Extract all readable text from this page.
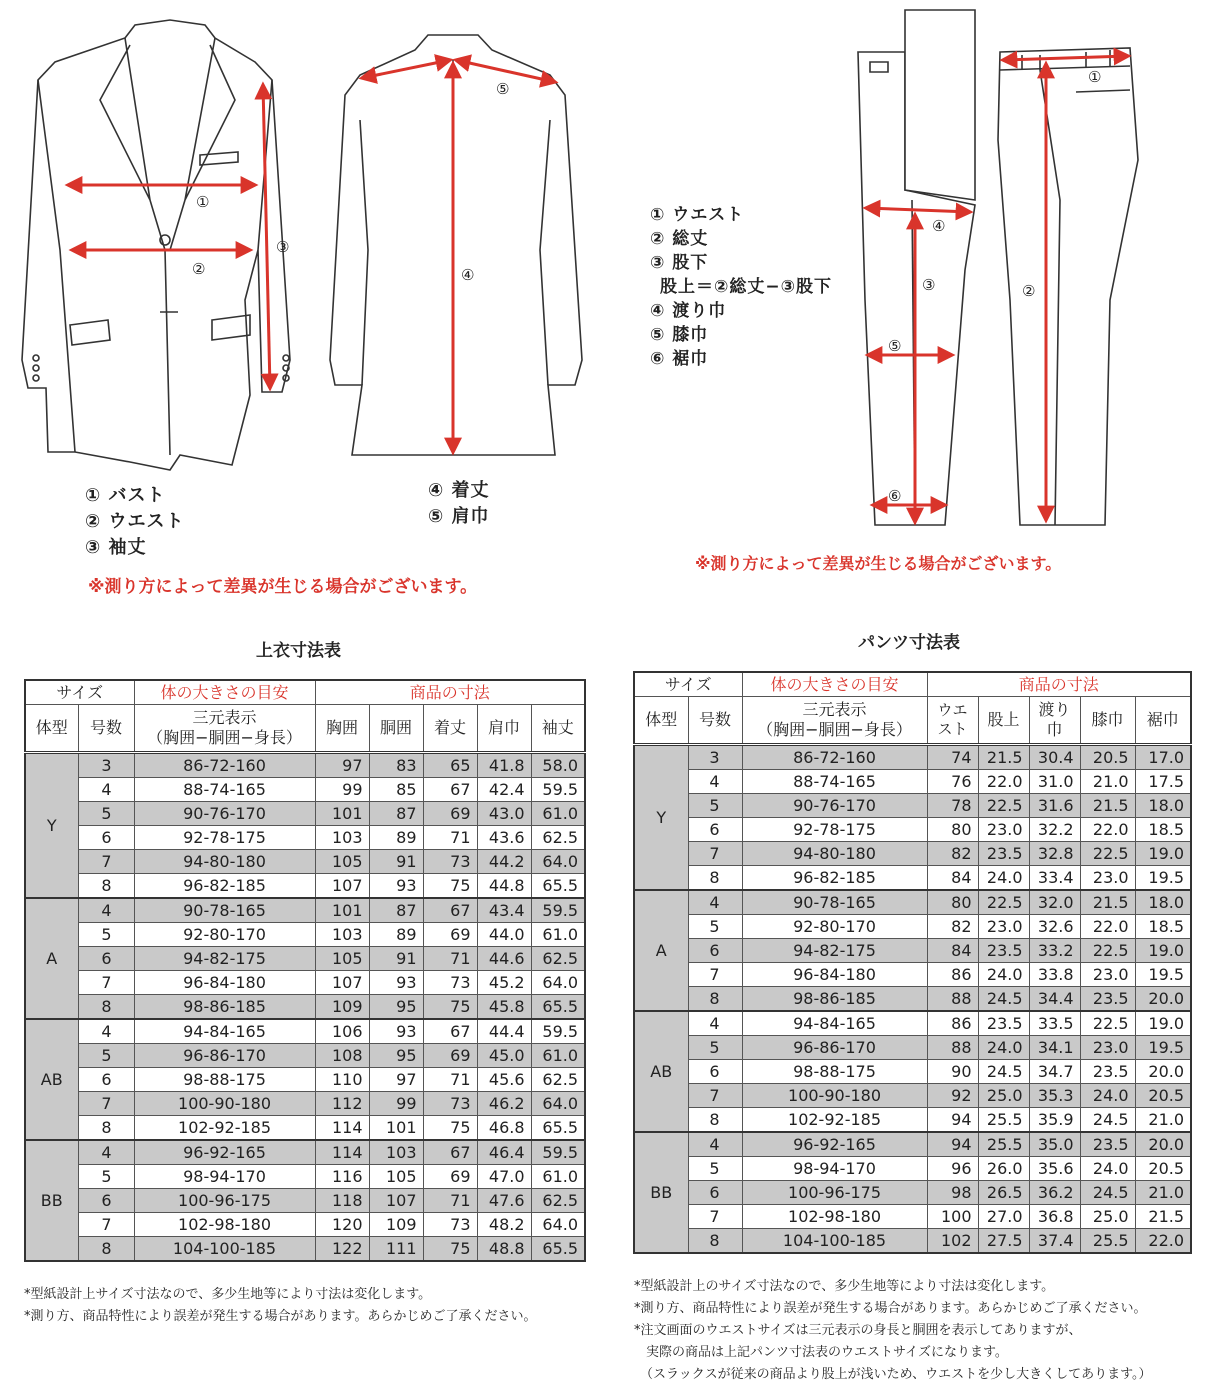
①
②
③
④
⑤
④
③
⑤
⑥
①
②
① バスト
② ウエスト
③ 袖丈
④ 着丈
⑤ 肩巾
※測り方によって差異が生じる場合がございます。
① ウエスト
② 総丈
③ 股下
股上＝②総丈−③股下
④ 渡り巾
⑤ 膝巾
⑥ 裾巾
※測り方によって差異が生じる場合がございます。
上衣寸法表	パンツ寸法表
サイズ		体の大きさの目安	商品の寸法				
体型	号数	三元表示
（胸囲−胴囲−身長）	胸囲	胴囲	着丈	肩巾	袖丈
Y	3	86-72-160	97	83	65	41.8	58.0
	4	88-74-165	99	85	67	42.4	59.5
	5	90-76-170	101	87	69	43.0	61.0
	6	92-78-175	103	89	71	43.6	62.5
	7	94-80-180	105	91	73	44.2	64.0
	8	96-82-185	107	93	75	44.8	65.5
A	4	90-78-165	101	87	67	43.4	59.5
	5	92-80-170	103	89	69	44.0	61.0
	6	94-82-175	105	91	71	44.6	62.5
	7	96-84-180	107	93	73	45.2	64.0
	8	98-86-185	109	95	75	45.8	65.5
AB	4	94-84-165	106	93	67	44.4	59.5
	5	96-86-170	108	95	69	45.0	61.0
	6	98-88-175	110	97	71	45.6	62.5
	7	100-90-180	112	99	73	46.2	64.0
	8	102-92-185	114	101	75	46.8	65.5
BB	4	96-92-165	114	103	67	46.4	59.5
	5	98-94-170	116	105	69	47.0	61.0
	6	100-96-175	118	107	71	47.6	62.5
	7	102-98-180	120	109	73	48.2	64.0
	8	104-100-185	122	111	75	48.8	65.5
*型紙設計上サイズ寸法なので、多少生地等により寸法は変化します。
*測り方、商品特性により誤差が発生する場合があります。あらかじめご了承ください。
サイズ		体の大きさの目安	商品の寸法				
体型	号数	三元表示
（胸囲−胴囲−身長）	ウエスト	股上	渡り巾	膝巾	裾巾
Y	3	86-72-160	74	21.5	30.4	20.5	17.0
	4	88-74-165	76	22.0	31.0	21.0	17.5
	5	90-76-170	78	22.5	31.6	21.5	18.0
	6	92-78-175	80	23.0	32.2	22.0	18.5
	7	94-80-180	82	23.5	32.8	22.5	19.0
	8	96-82-185	84	24.0	33.4	23.0	19.5
A	4	90-78-165	80	22.5	32.0	21.5	18.0
	5	92-80-170	82	23.0	32.6	22.0	18.5
	6	94-82-175	84	23.5	33.2	22.5	19.0
	7	96-84-180	86	24.0	33.8	23.0	19.5
	8	98-86-185	88	24.5	34.4	23.5	20.0
AB	4	94-84-165	86	23.5	33.5	22.5	19.0
	5	96-86-170	88	24.0	34.1	23.0	19.5
	6	98-88-175	90	24.5	34.7	23.5	20.0
	7	100-90-180	92	25.0	35.3	24.0	20.5
	8	102-92-185	94	25.5	35.9	24.5	21.0
BB	4	96-92-165	94	25.5	35.0	23.5	20.0
	5	98-94-170	96	26.0	35.6	24.0	20.5
	6	100-96-175	98	26.5	36.2	24.5	21.0
	7	102-98-180	100	27.0	36.8	25.0	21.5
	8	104-100-185	102	27.5	37.4	25.5	22.0
*型紙設計上のサイズ寸法なので、多少生地等により寸法は変化します。
*測り方、商品特性により誤差が発生する場合があります。あらかじめご了承ください。
*注文画面のウエストサイズは三元表示の身長と胴囲を表示してありますが、
実際の商品は上記パンツ寸法表のウエストサイズになります。
（スラックスが従来の商品より股上が浅いため、ウエストを少し大きくしてあります。）
